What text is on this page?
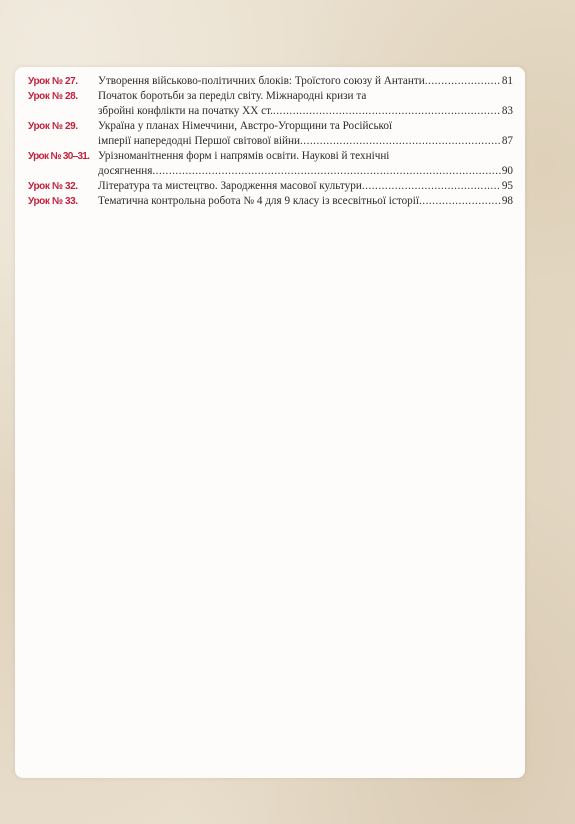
Урок № 27.	Утворення військово-політичних блоків: Троїстого союзу й Антанти .....	81
Урок № 28.	Початок боротьби за переділ світу. Міжнародні кризи та
збройні конфлікти на початку XX ст. .....	83
Урок № 29.	Україна у планах Німеччини, Австро-Угорщини та Російської
імперії напередодні Першої світової війни .....	87
Урок № 30–31. Урізноманітнення форм і напрямів освіти. Наукові й технічні
досягнення .....	90
Урок № 32.	Література та мистецтво. Зародження масової культури .....	95
Урок № 33.	Тематична контрольна робота № 4 для 9 класу із всесвітньої історії .....	98
